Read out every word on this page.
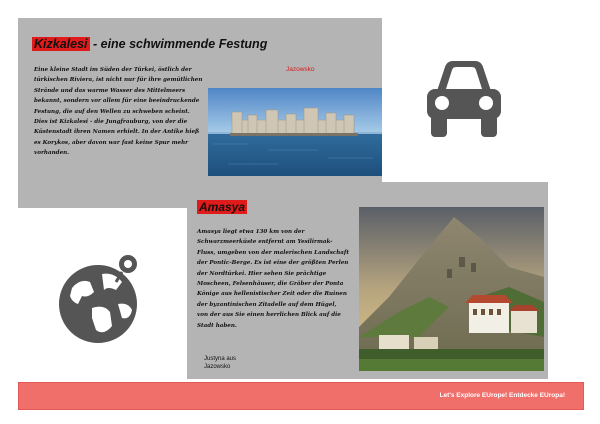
Kizkalesi - eine schwimmende Festung
Eine kleine Stadt im Süden der Türkei, östlich der türkischen Riviera, ist nicht nur für ihre gemütlichen Strände und das warme Wasser des Mittelmeers bekannt, sondern vor allem für eine beeindruckende Festung, die auf den Wellen zu schweben scheint. Dies ist Kizkalesi - die Jungfrauburg, von der die Küstenstadt ihren Namen erhielt. In der Antike hieß es Korykos, aber davon war fast keine Spur mehr vorhanden.
Jazowsko
Amasya
Amasya liegt etwa 130 km von der Schwarzmeerküste entfernt am Yesilirmak-Fluss, umgeben von der malerischen Landschaft der Pontic-Berge. Es ist eine der größten Perlen der Nordtürkei. Hier sehen Sie prächtige Moscheen, Felsenhäuser, die Gräber der Ponta Könige aus hellenistischer Zeit oder die Ruinen der byzantinischen Zitadelle auf dem Hügel, von der aus Sie einen herrlichen Blick auf die Stadt haben.
Justyna aus
Jazowsko
Let's Explore EUrope! Entdecke EUropa!
